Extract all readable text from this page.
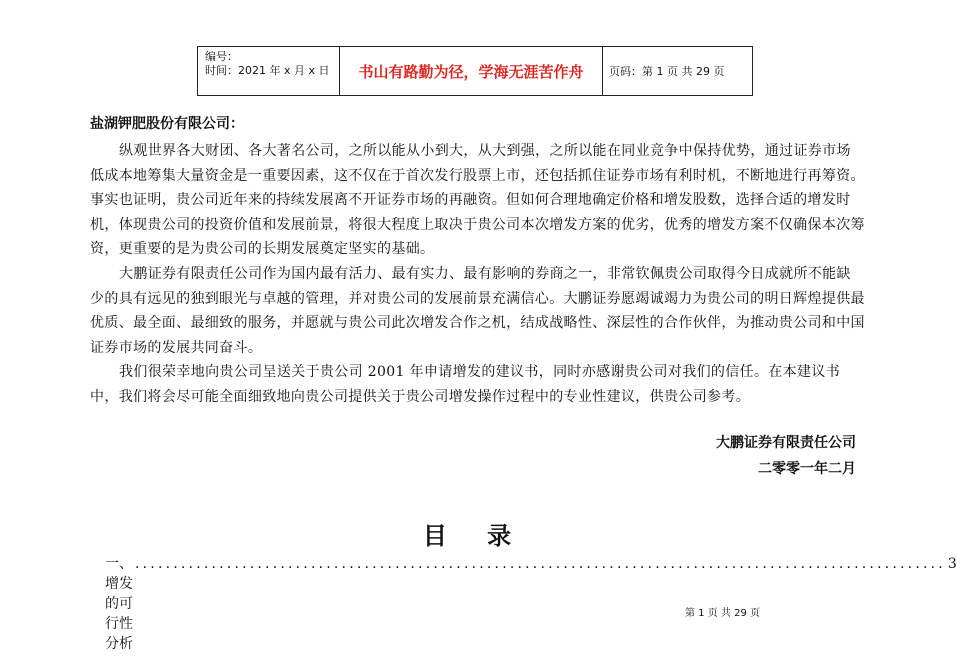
编号：
时间：2021 年 x 月 x 日	书山有路勤为径，学海无涯苦作舟	页码：第 1 页 共 29 页
盐湖钾肥股份有限公司：
纵观世界各大财团、各大著名公司，之所以能从小到大，从大到强，之所以能在同业竞争中保持优势，通过证券市场低成本地筹集大量资金是一重要因素，这不仅在于首次发行股票上市，还包括抓住证券市场有利时机，不断地进行再筹资。事实也证明，贵公司近年来的持续发展离不开证券市场的再融资。但如何合理地确定价格和增发股数，选择合适的增发时机，体现贵公司的投资价值和发展前景，将很大程度上取决于贵公司本次增发方案的优劣，优秀的增发方案不仅确保本次筹资，更重要的是为贵公司的长期发展奠定坚实的基础。
大鹏证券有限责任公司作为国内最有活力、最有实力、最有影响的券商之一，非常钦佩贵公司取得今日成就所不能缺少的具有远见的独到眼光与卓越的管理，并对贵公司的发展前景充满信心。大鹏证券愿竭诚竭力为贵公司的明日辉煌提供最优质、最全面、最细致的服务，并愿就与贵公司此次增发合作之机，结成战略性、深层性的合作伙伴，为推动贵公司和中国证券市场的发展共同奋斗。
我们很荣幸地向贵公司呈送关于贵公司 2001 年申请增发的建议书，同时亦感谢贵公司对我们的信任。在本建议书中，我们将会尽可能全面细致地向贵公司提供关于贵公司增发操作过程中的专业性建议，供贵公司参考。
大鹏证券有限责任公司
二零零一年二月
目 录
一、增发的可行性分析
.......................................................................................................... 3
第 1 页 共 29 页
